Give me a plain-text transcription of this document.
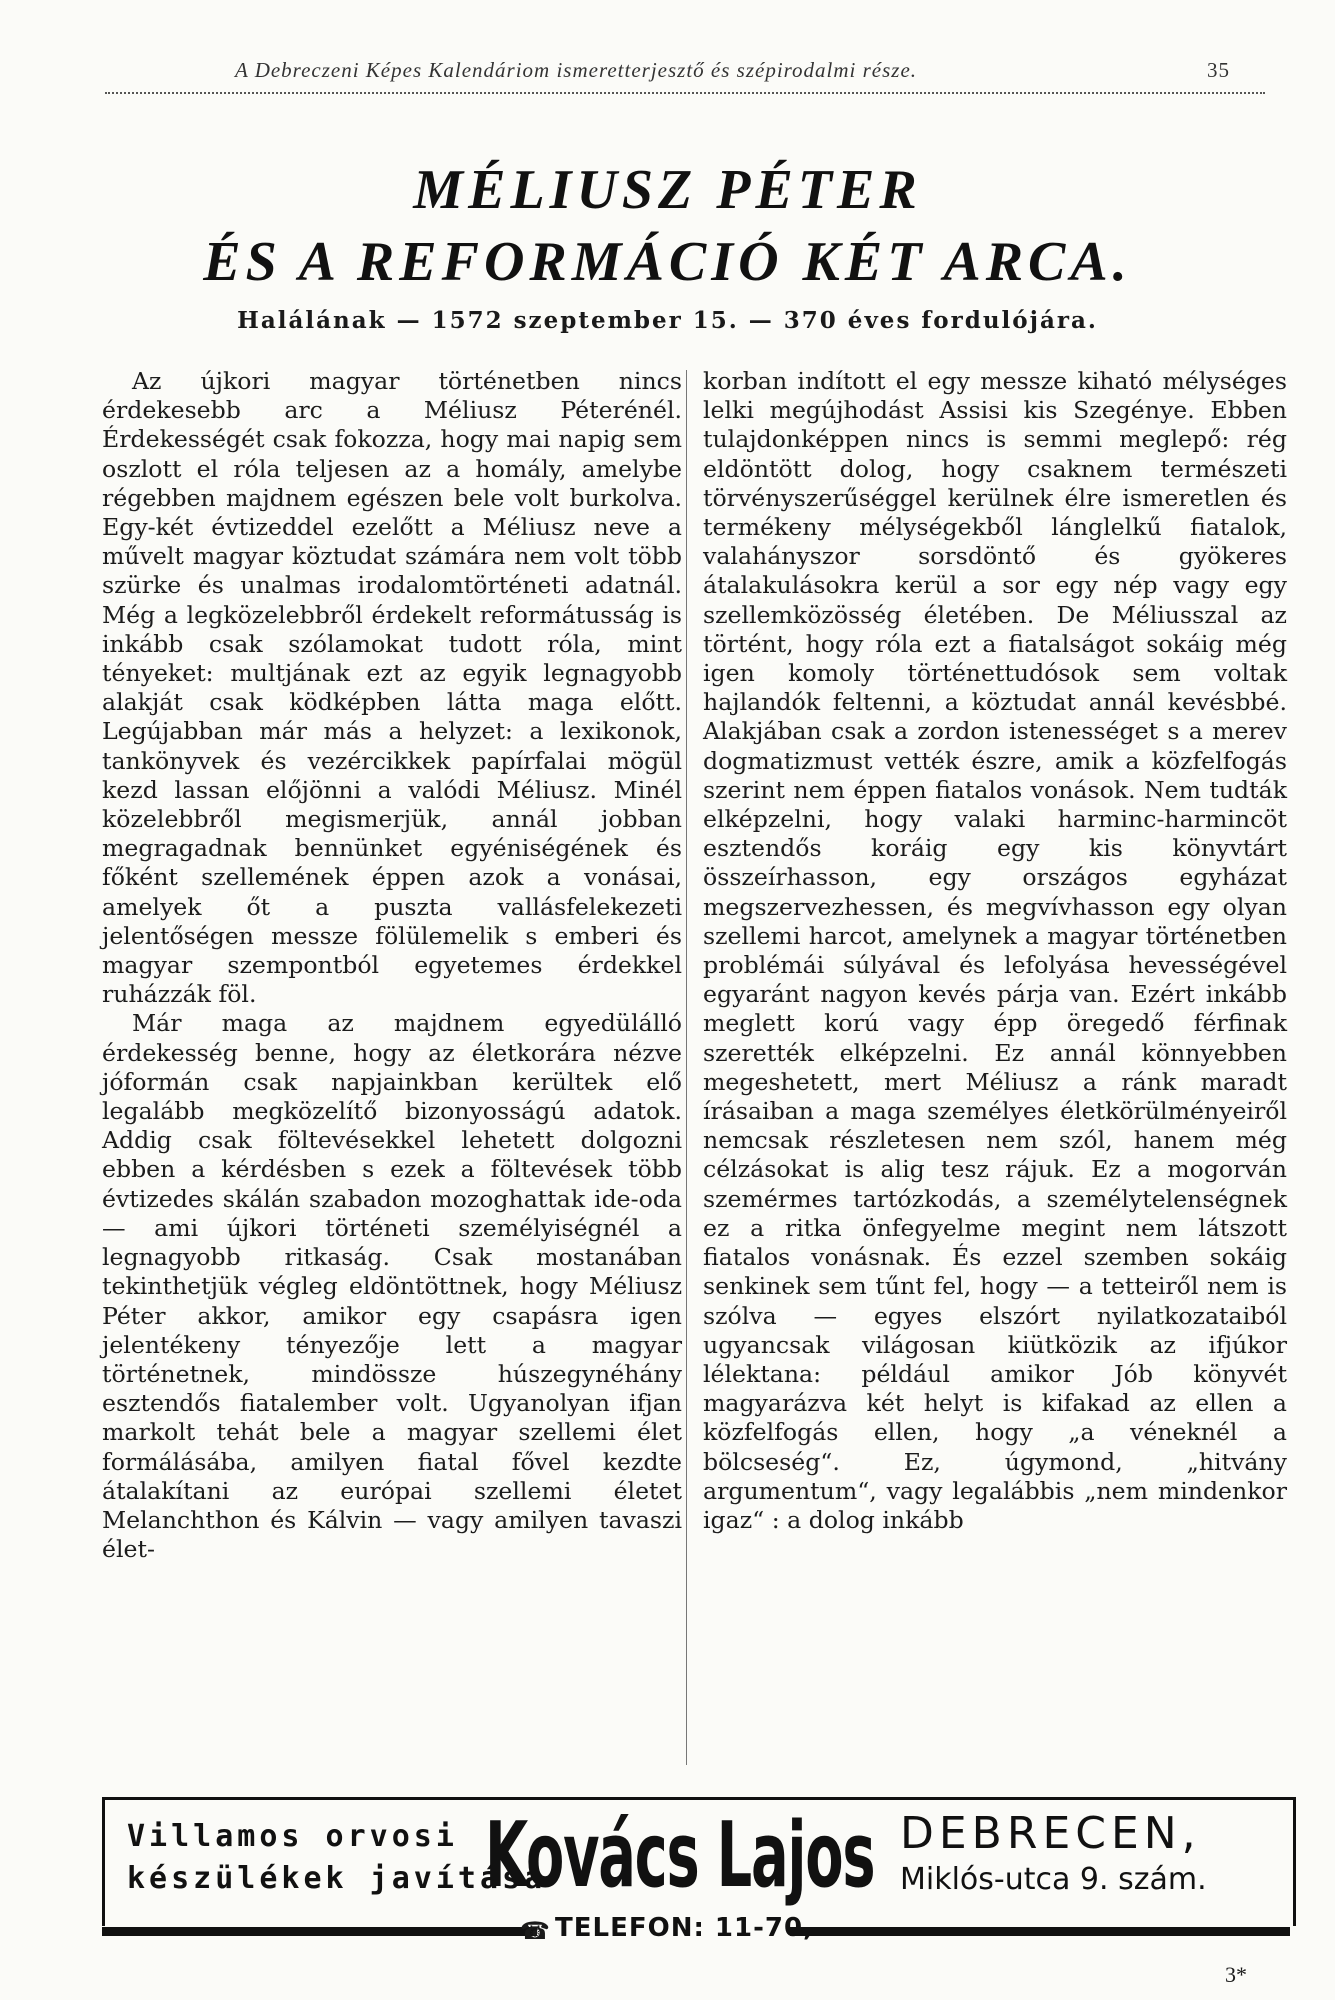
A Debreczeni Képes Kalendáriom ismeretterjesztő és szépirodalmi része.	35
MÉLIUSZ PÉTER
ÉS A REFORMÁCIÓ KÉT ARCA.
Halálának — 1572 szeptember 15. — 370 éves fordulójára.

Az újkori magyar történetben nincs érdekesebb arc a Méliusz Péterénél. Érdekességét csak fokozza, hogy mai napig sem oszlott el róla teljesen az a homály, amelybe régebben majdnem egészen bele volt burkolva. Egy-két évtizeddel ezelőtt a Méliusz neve a művelt magyar köztudat számára nem volt több szürke és unalmas irodalomtörténeti adatnál. Még a legközelebbről érdekelt reformátusság is inkább csak szólamokat tudott róla, mint tényeket: multjának ezt az egyik legnagyobb alakját csak ködképben látta maga előtt. Legújabban már más a helyzet: a lexikonok, tankönyvek és vezércikkek papírfalai mögül kezd lassan előjönni a valódi Méliusz. Minél közelebbről megismerjük, annál jobban megragadnak bennünket egyéniségének és főként szellemének éppen azok a vonásai, amelyek őt a puszta vallásfelekezeti jelentőségen messze fölülemelik s emberi és magyar szempontból egyetemes érdekkel ruházzák föl.

Már maga az majdnem egyedülálló érdekesség benne, hogy az életkorára nézve jóformán csak napjainkban kerültek elő legalább megközelítő bizonyosságú adatok. Addig csak föltevésekkel lehetett dolgozni ebben a kérdésben s ezek a föltevések több évtizedes skálán szabadon mozoghattak ide-oda — ami újkori történeti személyiségnél a legnagyobb ritkaság. Csak mostanában tekinthetjük végleg eldöntöttnek, hogy Méliusz Péter akkor, amikor egy csapásra igen jelentékeny tényezője lett a magyar történetnek, mindössze húszegynéhány esztendős fiatalember volt. Ugyanolyan ifjan markolt tehát bele a magyar szellemi élet formálásába, amilyen fiatal fővel kezdte átalakítani az európai szellemi életet Melanchthon és Kálvin — vagy amilyen tavaszi élet-

korban indított el egy messze kiható mélységes lelki megújhodást Assisi kis Szegénye. Ebben tulajdonképpen nincs is semmi meglepő: rég eldöntött dolog, hogy csaknem természeti törvényszerűséggel kerülnek élre ismeretlen és termékeny mélységekből lánglelkű fiatalok, valahányszor sorsdöntő és gyökeres átalakulásokra kerül a sor egy nép vagy egy szellemközösség életében. De Méliusszal az történt, hogy róla ezt a fiatalságot sokáig még igen komoly történettudósok sem voltak hajlandók feltenni, a köztudat annál kevésbbé. Alakjában csak a zordon istenességet s a merev dogmatizmust vették észre, amik a közfelfogás szerint nem éppen fiatalos vonások. Nem tudták elképzelni, hogy valaki harminc-harmincöt esztendős koráig egy kis könyvtárt összeírhasson, egy országos egyházat megszervezhessen, és megvívhasson egy olyan szellemi harcot, amelynek a magyar történetben problémái súlyával és lefolyása hevességével egyaránt nagyon kevés párja van. Ezért inkább meglett korú vagy épp öregedő férfinak szerették elképzelni. Ez annál könnyebben megeshetett, mert Méliusz a ránk maradt írásaiban a maga személyes életkörülményeiről nemcsak részletesen nem szól, hanem még célzásokat is alig tesz rájuk. Ez a mogorván szemérmes tartózkodás, a személytelenségnek ez a ritka önfegyelme megint nem látszott fiatalos vonásnak. És ezzel szemben sokáig senkinek sem tűnt fel, hogy — a tetteiről nem is szólva — egyes elszórt nyilatkozataiból ugyancsak világosan kiütközik az ifjúkor lélektana: például amikor Jób könyvét magyarázva két helyt is kifakad az ellen a közfelfogás ellen, hogy „a véneknél a bölcseség“. Ez, úgymond, „hitvány argumentum“, vagy legalábbis „nem mindenkor igaz“ : a dolog inkább

Villamos orvosi
készülékek javítása
Kovács Lajos DEBRECEN,
Miklós-utca 9. szám.
☎ TELEFON: 11-70,
3*
